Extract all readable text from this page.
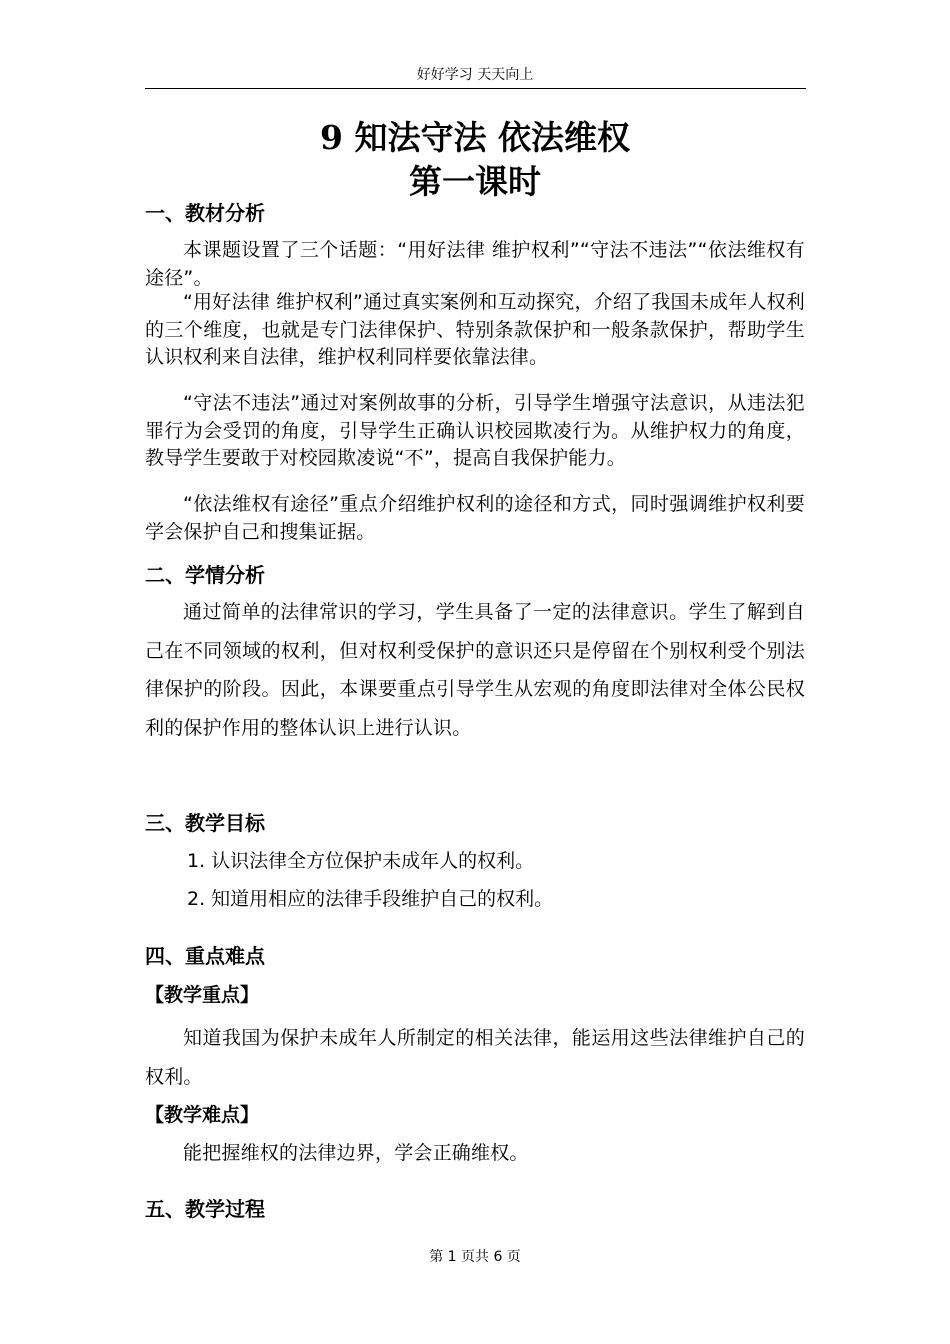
好好学习 天天向上
9 知法守法 依法维权
第一课时
一、教材分析

本课题设置了三个话题：“用好法律 维护权利”“守法不违法”“依法维权有途径”。

“用好法律 维护权利”通过真实案例和互动探究，介绍了我国未成年人权利的三个维度，也就是专门法律保护、特别条款保护和一般条款保护，帮助学生认识权利来自法律，维护权利同样要依靠法律。

“守法不违法”通过对案例故事的分析，引导学生增强守法意识，从违法犯罪行为会受罚的角度，引导学生正确认识校园欺凌行为。从维护权力的角度，教导学生要敢于对校园欺凌说“不”，提高自我保护能力。

“依法维权有途径”重点介绍维护权利的途径和方式，同时强调维护权利要学会保护自己和搜集证据。

二、学情分析

通过简单的法律常识的学习，学生具备了一定的法律意识。学生了解到自己在不同领域的权利，但对权利受保护的意识还只是停留在个别权利受个别法律保护的阶段。因此，本课要重点引导学生从宏观的角度即法律对全体公民权利的保护作用的整体认识上进行认识。

三、教学目标

1. 认识法律全方位保护未成年人的权利。

2. 知道用相应的法律手段维护自己的权利。

四、重点难点

【教学重点】

知道我国为保护未成年人所制定的相关法律，能运用这些法律维护自己的权利。

【教学难点】

能把握维权的法律边界，学会正确维权。

五、教学过程
第 1 页共 6 页
